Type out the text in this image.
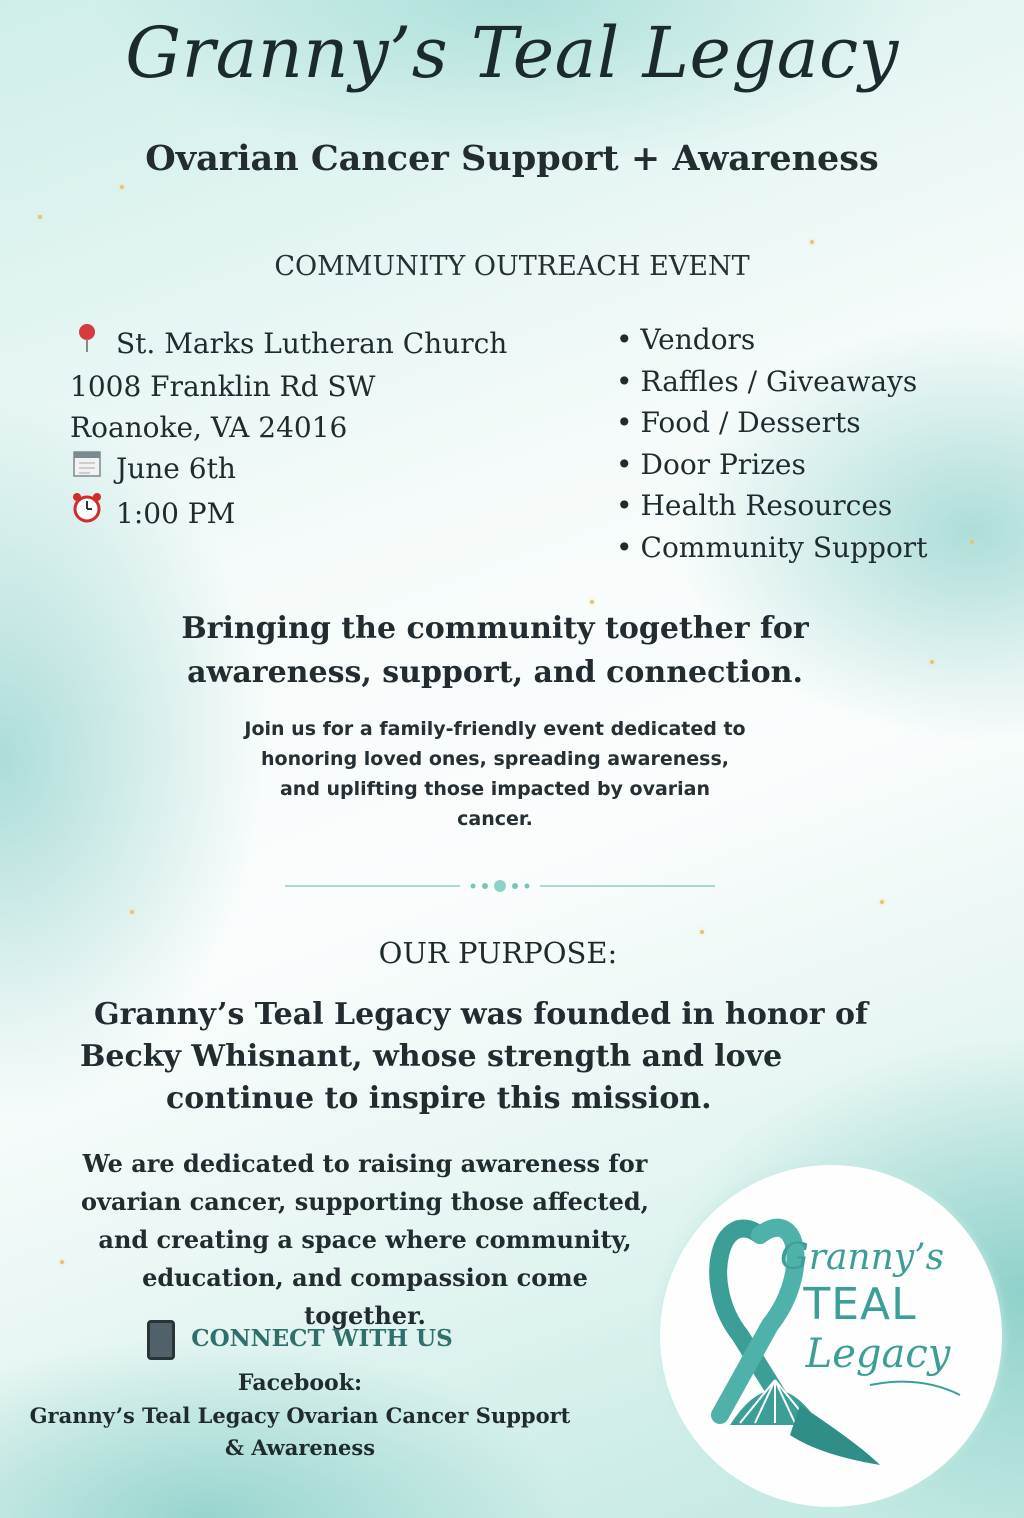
Granny’s Teal Legacy
Ovarian Cancer Support + Awareness
COMMUNITY OUTREACH EVENT
St. Marks Lutheran Church
1008 Franklin Rd SW
Roanoke, VA 24016
June 6th
1:00 PM
• Vendors
• Raffles / Giveaways
• Food / Desserts
• Door Prizes
• Health Resources
• Community Support
Bringing the community together for
awareness, support, and connection.
Join us for a family-friendly event dedicated to
honoring loved ones, spreading awareness,
and uplifting those impacted by ovarian
cancer.
OUR PURPOSE:
Granny’s Teal Legacy was founded in honor of
Becky Whisnant, whose strength and love
continue to inspire this mission.
We are dedicated to raising awareness for
ovarian cancer, supporting those affected,
and creating a space where community,
education, and compassion come
together.
CONNECT WITH US
Facebook:
Granny’s Teal Legacy Ovarian Cancer Support
& Awareness
Granny’s
TEAL
Legacy
